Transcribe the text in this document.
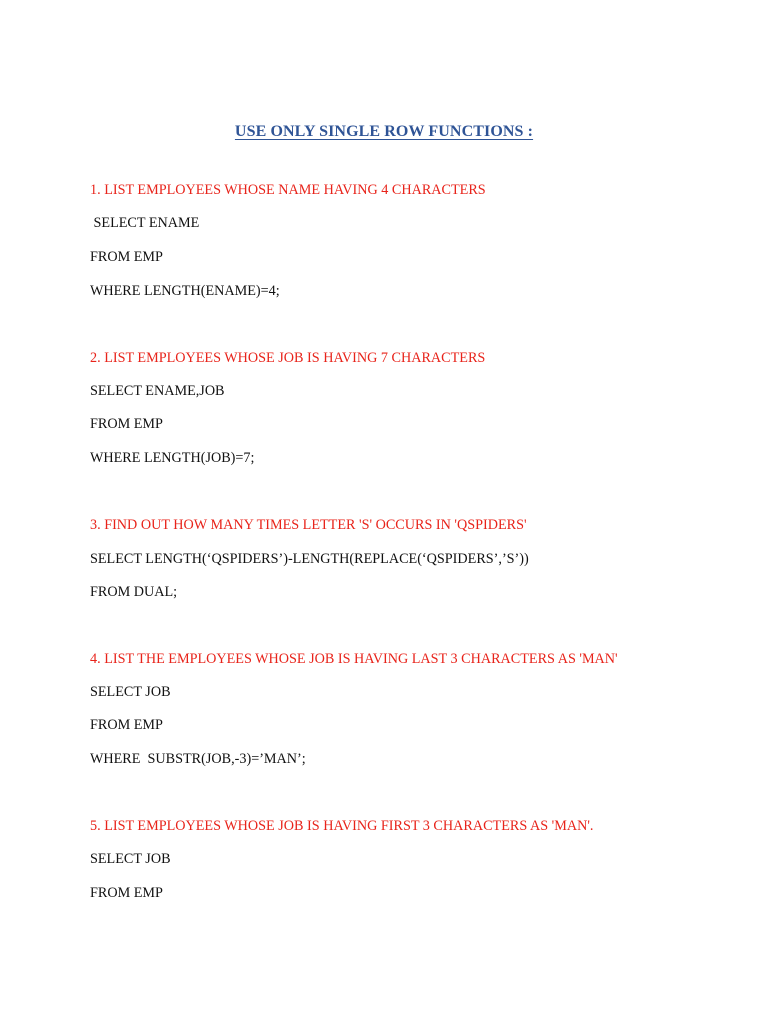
USE ONLY SINGLE ROW FUNCTIONS :
1. LIST EMPLOYEES WHOSE NAME HAVING 4 CHARACTERS
SELECT ENAME
FROM EMP
WHERE LENGTH(ENAME)=4;
2. LIST EMPLOYEES WHOSE JOB IS HAVING 7 CHARACTERS
SELECT ENAME,JOB
FROM EMP
WHERE LENGTH(JOB)=7;
3. FIND OUT HOW MANY TIMES LETTER 'S' OCCURS IN 'QSPIDERS'
SELECT LENGTH(‘QSPIDERS’)-LENGTH(REPLACE(‘QSPIDERS’,’S’))
FROM DUAL;
4. LIST THE EMPLOYEES WHOSE JOB IS HAVING LAST 3 CHARACTERS AS 'MAN'
SELECT JOB
FROM EMP
WHERE  SUBSTR(JOB,-3)=’MAN’;
5. LIST EMPLOYEES WHOSE JOB IS HAVING FIRST 3 CHARACTERS AS 'MAN'.
SELECT JOB
FROM EMP
